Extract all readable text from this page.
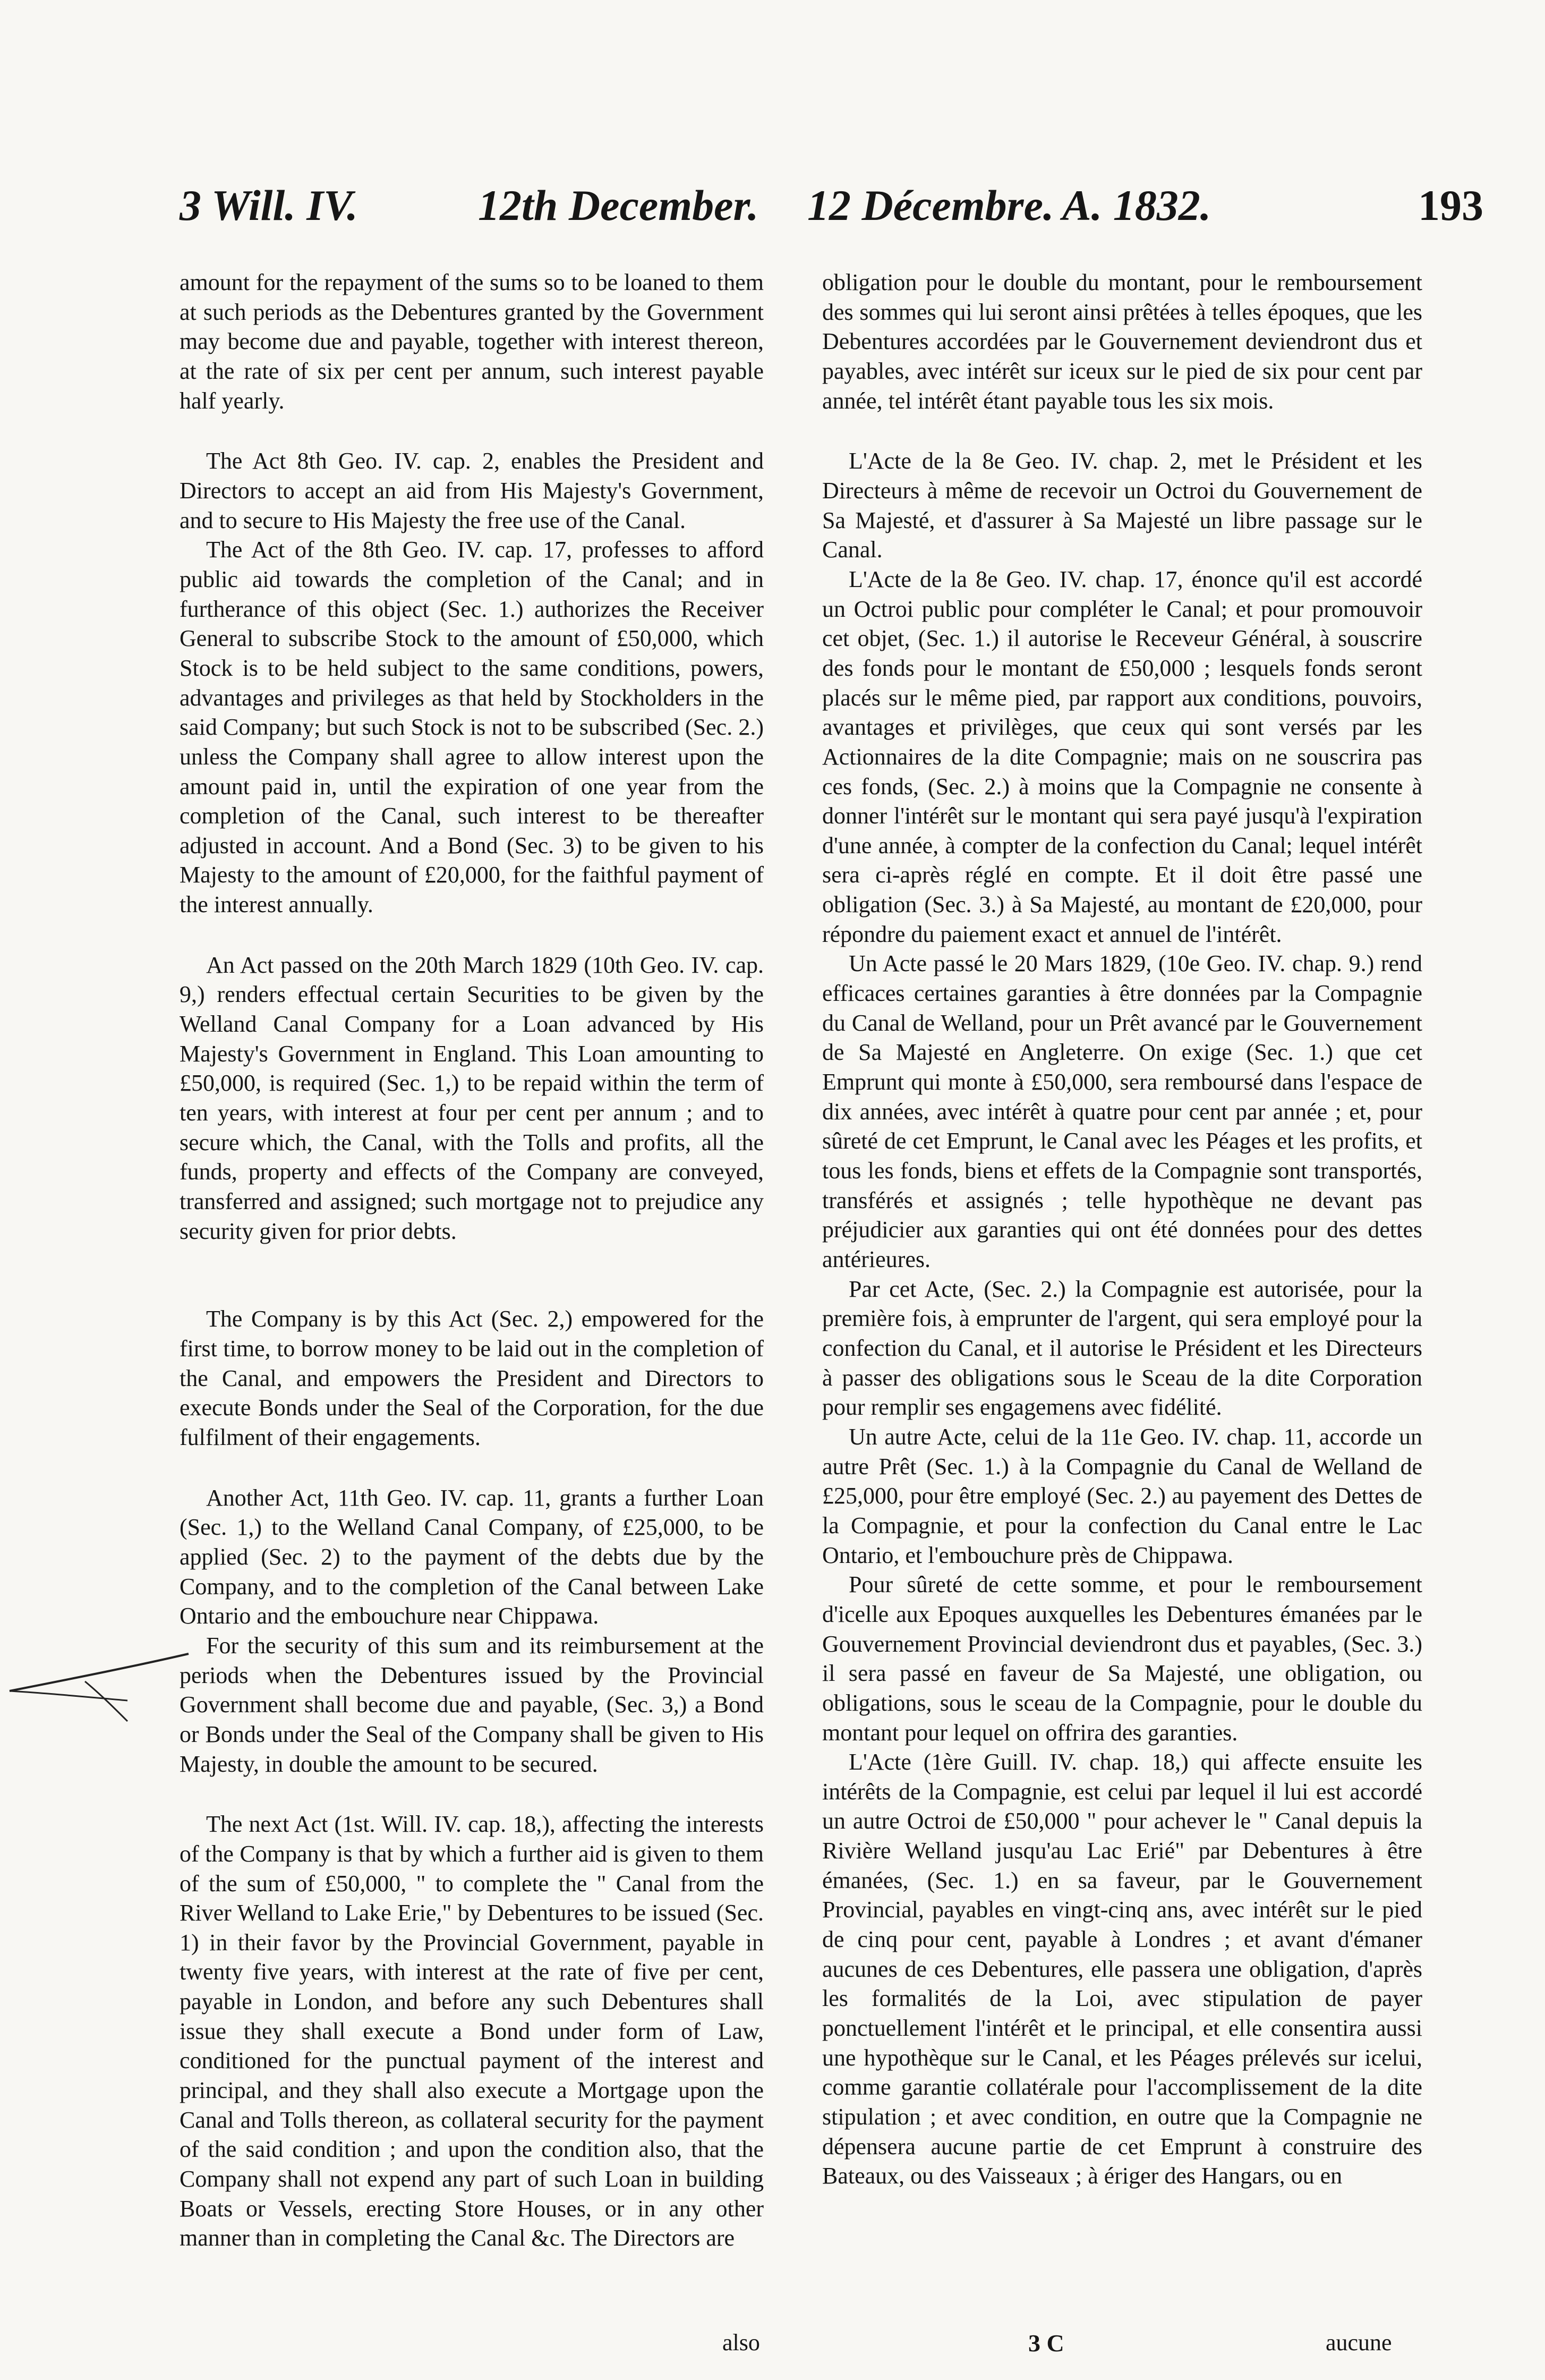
3 Will. IV.	12th December. 12 Décembre. A. 1832.	193

amount for the repayment of the sums so to be loaned to them at such periods as the Debentures granted by the Government may become due and payable, together with interest thereon, at the rate of six per cent per annum, such interest payable half yearly.

The Act 8th Geo. IV. cap. 2, enables the President and Directors to accept an aid from His Majesty's Government, and to secure to His Majesty the free use of the Canal.

The Act of the 8th Geo. IV. cap. 17, professes to afford public aid towards the completion of the Canal; and in furtherance of this object (Sec. 1.) authorizes the Receiver General to subscribe Stock to the amount of £50,000, which Stock is to be held subject to the same conditions, powers, advantages and privileges as that held by Stockholders in the said Company; but such Stock is not to be subscribed (Sec. 2.) unless the Company shall agree to allow interest upon the amount paid in, until the expiration of one year from the completion of the Canal, such interest to be thereafter adjusted in account. And a Bond (Sec. 3) to be given to his Majesty to the amount of £20,000, for the faithful payment of the interest annually.

An Act passed on the 20th March 1829 (10th Geo. IV. cap. 9,) renders effectual certain Securities to be given by the Welland Canal Company for a Loan advanced by His Majesty's Government in England. This Loan amounting to £50,000, is required (Sec. 1,) to be repaid within the term of ten years, with interest at four per cent per annum ; and to secure which, the Canal, with the Tolls and profits, all the funds, property and effects of the Company are conveyed, transferred and assigned; such mortgage not to prejudice any security given for prior debts.

The Company is by this Act (Sec. 2,) empowered for the first time, to borrow money to be laid out in the completion of the Canal, and empowers the President and Directors to execute Bonds under the Seal of the Corporation, for the due fulfilment of their engagements.

Another Act, 11th Geo. IV. cap. 11, grants a further Loan (Sec. 1,) to the Welland Canal Company, of £25,000, to be applied (Sec. 2) to the payment of the debts due by the Company, and to the completion of the Canal between Lake Ontario and the embouchure near Chippawa.

For the security of this sum and its reimbursement at the periods when the Debentures issued by the Provincial Government shall become due and payable, (Sec. 3,) a Bond or Bonds under the Seal of the Company shall be given to His Majesty, in double the amount to be secured.

The next Act (1st. Will. IV. cap. 18,), affecting the interests of the Company is that by which a further aid is given to them of the sum of £50,000, " to complete the " Canal from the River Welland to Lake Erie," by Debentures to be issued (Sec. 1) in their favor by the Provincial Government, payable in twenty five years, with interest at the rate of five per cent, payable in London, and before any such Debentures shall issue they shall execute a Bond under form of Law, conditioned for the punctual payment of the interest and principal, and they shall also execute a Mortgage upon the Canal and Tolls thereon, as collateral security for the payment of the said condition ; and upon the condition also, that the Company shall not expend any part of such Loan in building Boats or Vessels, erecting Store Houses, or in any other manner than in completing the Canal &c. The Directors are

obligation pour le double du montant, pour le remboursement des sommes qui lui seront ainsi prêtées à telles époques, que les Debentures accordées par le Gouvernement deviendront dus et payables, avec intérêt sur iceux sur le pied de six pour cent par année, tel intérêt étant payable tous les six mois.

L'Acte de la 8e Geo. IV. chap. 2, met le Président et les Directeurs à même de recevoir un Octroi du Gouvernement de Sa Majesté, et d'assurer à Sa Majesté un libre passage sur le Canal.

L'Acte de la 8e Geo. IV. chap. 17, énonce qu'il est accordé un Octroi public pour compléter le Canal; et pour promouvoir cet objet, (Sec. 1.) il autorise le Receveur Général, à souscrire des fonds pour le montant de £50,000 ; lesquels fonds seront placés sur le même pied, par rapport aux conditions, pouvoirs, avantages et privilèges, que ceux qui sont versés par les Actionnaires de la dite Compagnie; mais on ne souscrira pas ces fonds, (Sec. 2.) à moins que la Compagnie ne consente à donner l'intérêt sur le montant qui sera payé jusqu'à l'expiration d'une année, à compter de la confection du Canal; lequel intérêt sera ci-après réglé en compte. Et il doit être passé une obligation (Sec. 3.) à Sa Majesté, au montant de £20,000, pour répondre du paiement exact et annuel de l'intérêt.

Un Acte passé le 20 Mars 1829, (10e Geo. IV. chap. 9.) rend efficaces certaines garanties à être données par la Compagnie du Canal de Welland, pour un Prêt avancé par le Gouvernement de Sa Majesté en Angleterre. On exige (Sec. 1.) que cet Emprunt qui monte à £50,000, sera remboursé dans l'espace de dix années, avec intérêt à quatre pour cent par année ; et, pour sûreté de cet Emprunt, le Canal avec les Péages et les profits, et tous les fonds, biens et effets de la Compagnie sont transportés, transférés et assignés ; telle hypothèque ne devant pas préjudicier aux garanties qui ont été données pour des dettes antérieures.

Par cet Acte, (Sec. 2.) la Compagnie est autorisée, pour la première fois, à emprunter de l'argent, qui sera employé pour la confection du Canal, et il autorise le Président et les Directeurs à passer des obligations sous le Sceau de la dite Corporation pour remplir ses engagemens avec fidélité.

Un autre Acte, celui de la 11e Geo. IV. chap. 11, accorde un autre Prêt (Sec. 1.) à la Compagnie du Canal de Welland de £25,000, pour être employé (Sec. 2.) au payement des Dettes de la Compagnie, et pour la confection du Canal entre le Lac Ontario, et l'embouchure près de Chippawa.

Pour sûreté de cette somme, et pour le remboursement d'icelle aux Epoques auxquelles les Debentures émanées par le Gouvernement Provincial deviendront dus et payables, (Sec. 3.) il sera passé en faveur de Sa Majesté, une obligation, ou obligations, sous le sceau de la Compagnie, pour le double du montant pour lequel on offrira des garanties.

L'Acte (1ère Guill. IV. chap. 18,) qui affecte ensuite les intérêts de la Compagnie, est celui par lequel il lui est accordé un autre Octroi de £50,000 " pour achever le " Canal depuis la Rivière Welland jusqu'au Lac Erié" par Debentures à être émanées, (Sec. 1.) en sa faveur, par le Gouvernement Provincial, payables en vingt-cinq ans, avec intérêt sur le pied de cinq pour cent, payable à Londres ; et avant d'émaner aucunes de ces Debentures, elle passera une obligation, d'après les formalités de la Loi, avec stipulation de payer ponctuellement l'intérêt et le principal, et elle consentira aussi une hypothèque sur le Canal, et les Péages prélevés sur icelui, comme garantie collatérale pour l'accomplissement de la dite stipulation ; et avec condition, en outre que la Compagnie ne dépensera aucune partie de cet Emprunt à construire des Bateaux, ou des Vaisseaux ; à ériger des Hangars, ou en

also	3 C	aucune
